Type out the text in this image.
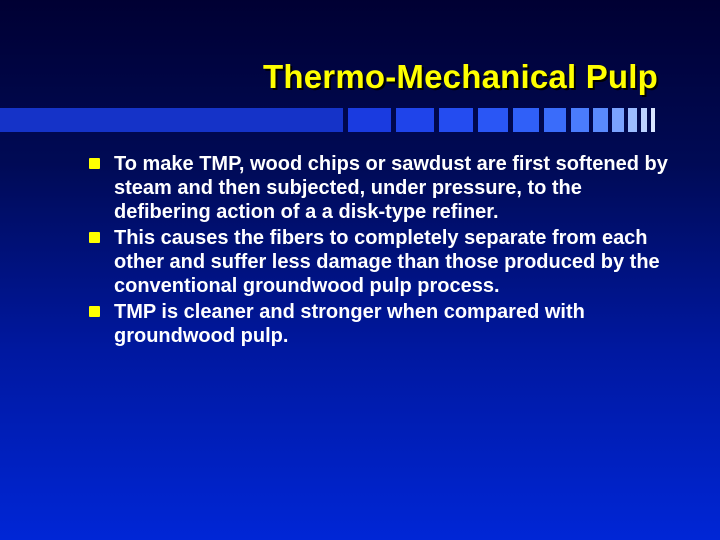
Thermo-Mechanical Pulp
To make TMP, wood chips or sawdust are first softened by steam and then subjected, under pressure, to the defibering action of a a disk-type refiner.
This causes the fibers to completely separate from each other and suffer less damage than those produced by the conventional groundwood pulp process.
TMP is cleaner and stronger when compared with groundwood pulp.
